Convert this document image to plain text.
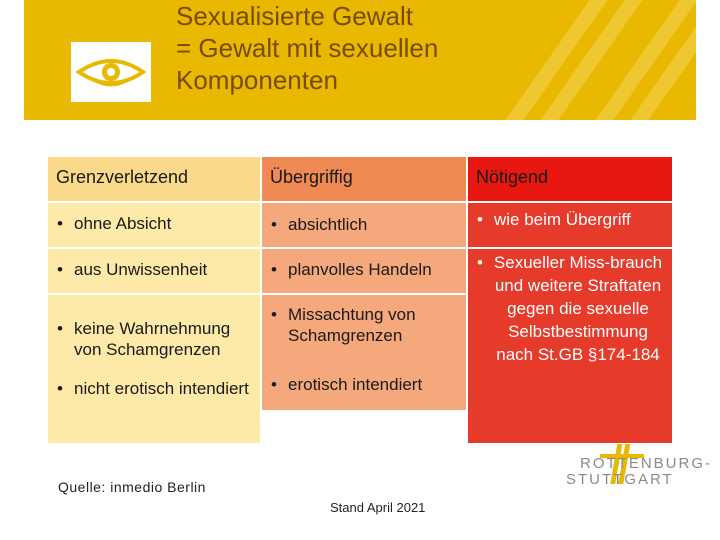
Sexualisierte Gewalt
= Gewalt mit sexuellen
Komponenten
Grenzverletzend
• ohne Absicht
• aus Unwissenheit
• keine Wahrnehmung von Schamgrenzen
• nicht erotisch intendiert
Übergriffig
• absichtlich
• planvolles Handeln
• Missachtung von Schamgrenzen
• erotisch intendiert
Nötigend
• wie beim Übergriff
• Sexueller Miss-brauch und weitere Straftaten gegen die sexuelle Selbstbestimmung nach St.GB §174-184
Quelle: inmedio Berlin
Stand April 2021
ROTTENBURG-
STUTTGART
